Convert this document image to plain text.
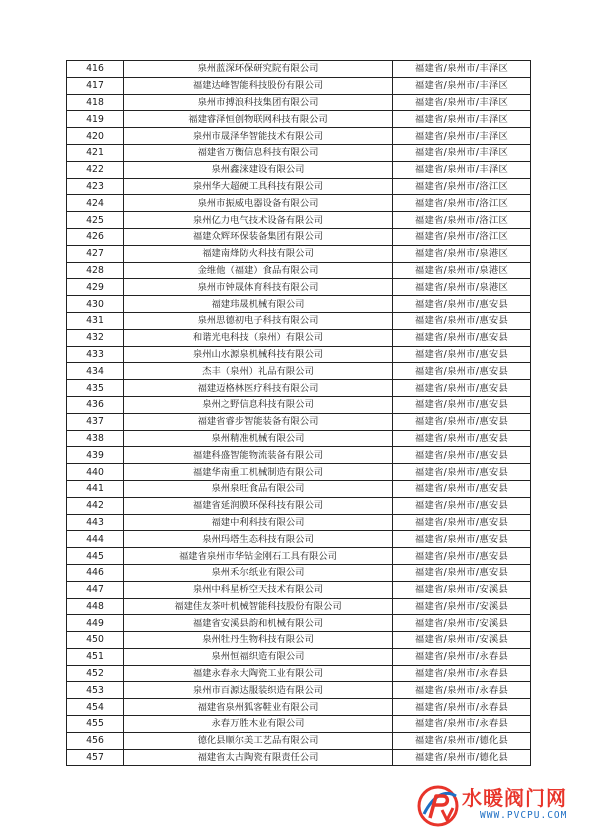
416	泉州蓝深环保研究院有限公司	福建省/泉州市/丰泽区
417	福建达峰智能科技股份有限公司	福建省/泉州市/丰泽区
418	泉州市搏浪科技集团有限公司	福建省/泉州市/丰泽区
419	福建睿泽恒创物联网科技有限公司	福建省/泉州市/丰泽区
420	泉州市晟泽华智能技术有限公司	福建省/泉州市/丰泽区
421	福建省万衡信息科技有限公司	福建省/泉州市/丰泽区
422	泉州鑫涞建设有限公司	福建省/泉州市/丰泽区
423	泉州华大超硬工具科技有限公司	福建省/泉州市/洛江区
424	泉州市振威电器设备有限公司	福建省/泉州市/洛江区
425	泉州亿力电气技术设备有限公司	福建省/泉州市/洛江区
426	福建众辉环保装备集团有限公司	福建省/泉州市/洛江区
427	福建南烽防火科技有限公司	福建省/泉州市/泉港区
428	金维他（福建）食品有限公司	福建省/泉州市/泉港区
429	泉州市钟晟体育科技有限公司	福建省/泉州市/泉港区
430	福建玮晟机械有限公司	福建省/泉州市/惠安县
431	泉州思德初电子科技有限公司	福建省/泉州市/惠安县
432	和谐光电科技（泉州）有限公司	福建省/泉州市/惠安县
433	泉州山水源泉机械科技有限公司	福建省/泉州市/惠安县
434	杰丰（泉州）礼品有限公司	福建省/泉州市/惠安县
435	福建迈格林医疗科技有限公司	福建省/泉州市/惠安县
436	泉州之野信息科技有限公司	福建省/泉州市/惠安县
437	福建省睿步智能装备有限公司	福建省/泉州市/惠安县
438	泉州精准机械有限公司	福建省/泉州市/惠安县
439	福建科盛智能物流装备有限公司	福建省/泉州市/惠安县
440	福建华南重工机械制造有限公司	福建省/泉州市/惠安县
441	泉州泉旺食品有限公司	福建省/泉州市/惠安县
442	福建省延润膜环保科技有限公司	福建省/泉州市/惠安县
443	福建中利科技有限公司	福建省/泉州市/惠安县
444	泉州玛塔生态科技有限公司	福建省/泉州市/惠安县
445	福建省泉州市华钻金刚石工具有限公司	福建省/泉州市/惠安县
446	泉州禾尔纸业有限公司	福建省/泉州市/惠安县
447	泉州中科星桥空天技术有限公司	福建省/泉州市/安溪县
448	福建佳友茶叶机械智能科技股份有限公司	福建省/泉州市/安溪县
449	福建省安溪县韵和机械有限公司	福建省/泉州市/安溪县
450	泉州牡丹生物科技有限公司	福建省/泉州市/安溪县
451	泉州恒福织造有限公司	福建省/泉州市/永春县
452	福建永春永大陶瓷工业有限公司	福建省/泉州市/永春县
453	泉州市百源达服装织造有限公司	福建省/泉州市/永春县
454	福建省泉州狐客鞋业有限公司	福建省/泉州市/永春县
455	永春万胜木业有限公司	福建省/泉州市/永春县
456	德化县顺尔美工艺品有限公司	福建省/泉州市/德化县
457	福建省太古陶瓷有限责任公司	福建省/泉州市/德化县
水暖阀门网
WWW.PVCPU.COM
